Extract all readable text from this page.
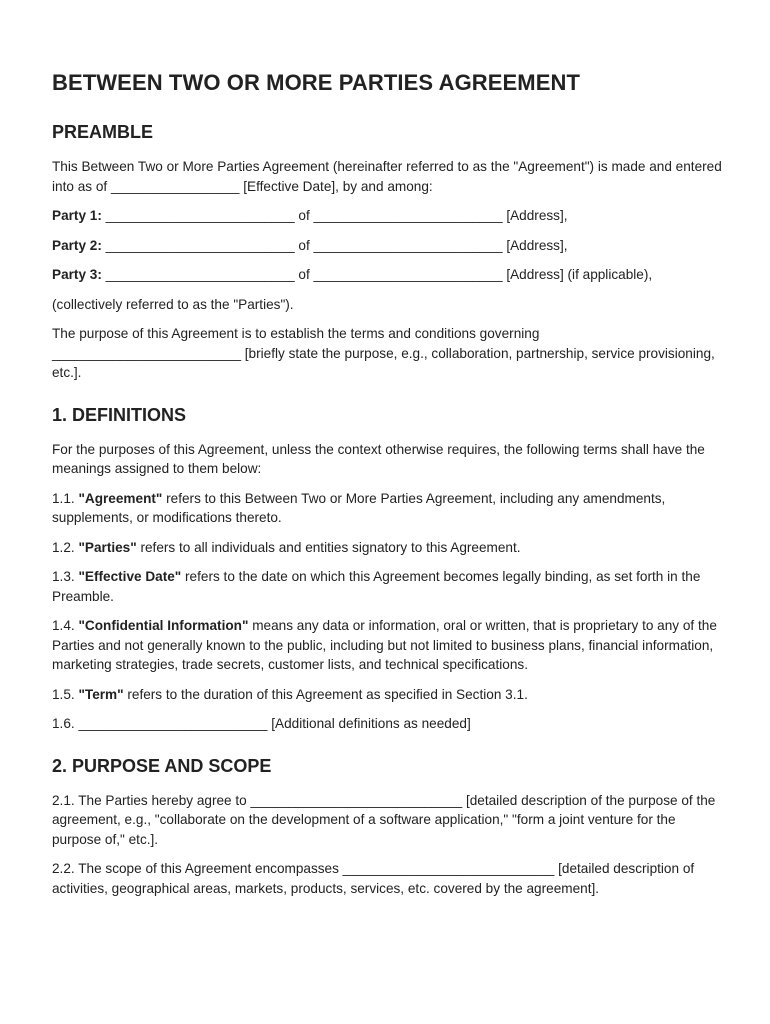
BETWEEN TWO OR MORE PARTIES AGREEMENT
PREAMBLE

This Between Two or More Parties Agreement (hereinafter referred to as the "Agreement") is made and entered into as of _________________ [Effective Date], by and among:

Party 1: _________________________ of _________________________ [Address],

Party 2: _________________________ of _________________________ [Address],

Party 3: _________________________ of _________________________ [Address] (if applicable),

(collectively referred to as the "Parties").

The purpose of this Agreement is to establish the terms and conditions governing _________________________ [briefly state the purpose, e.g., collaboration, partnership, service provisioning, etc.].

1. DEFINITIONS

For the purposes of this Agreement, unless the context otherwise requires, the following terms shall have the meanings assigned to them below:

1.1. "Agreement" refers to this Between Two or More Parties Agreement, including any amendments, supplements, or modifications thereto.

1.2. "Parties" refers to all individuals and entities signatory to this Agreement.

1.3. "Effective Date" refers to the date on which this Agreement becomes legally binding, as set forth in the Preamble.

1.4. "Confidential Information" means any data or information, oral or written, that is proprietary to any of the Parties and not generally known to the public, including but not limited to business plans, financial information, marketing strategies, trade secrets, customer lists, and technical specifications.

1.5. "Term" refers to the duration of this Agreement as specified in Section 3.1.

1.6. _________________________ [Additional definitions as needed]

2. PURPOSE AND SCOPE

2.1. The Parties hereby agree to ____________________________ [detailed description of the purpose of the agreement, e.g., "collaborate on the development of a software application," "form a joint venture for the purpose of," etc.].

2.2. The scope of this Agreement encompasses ____________________________ [detailed description of activities, geographical areas, markets, products, services, etc. covered by the agreement].
